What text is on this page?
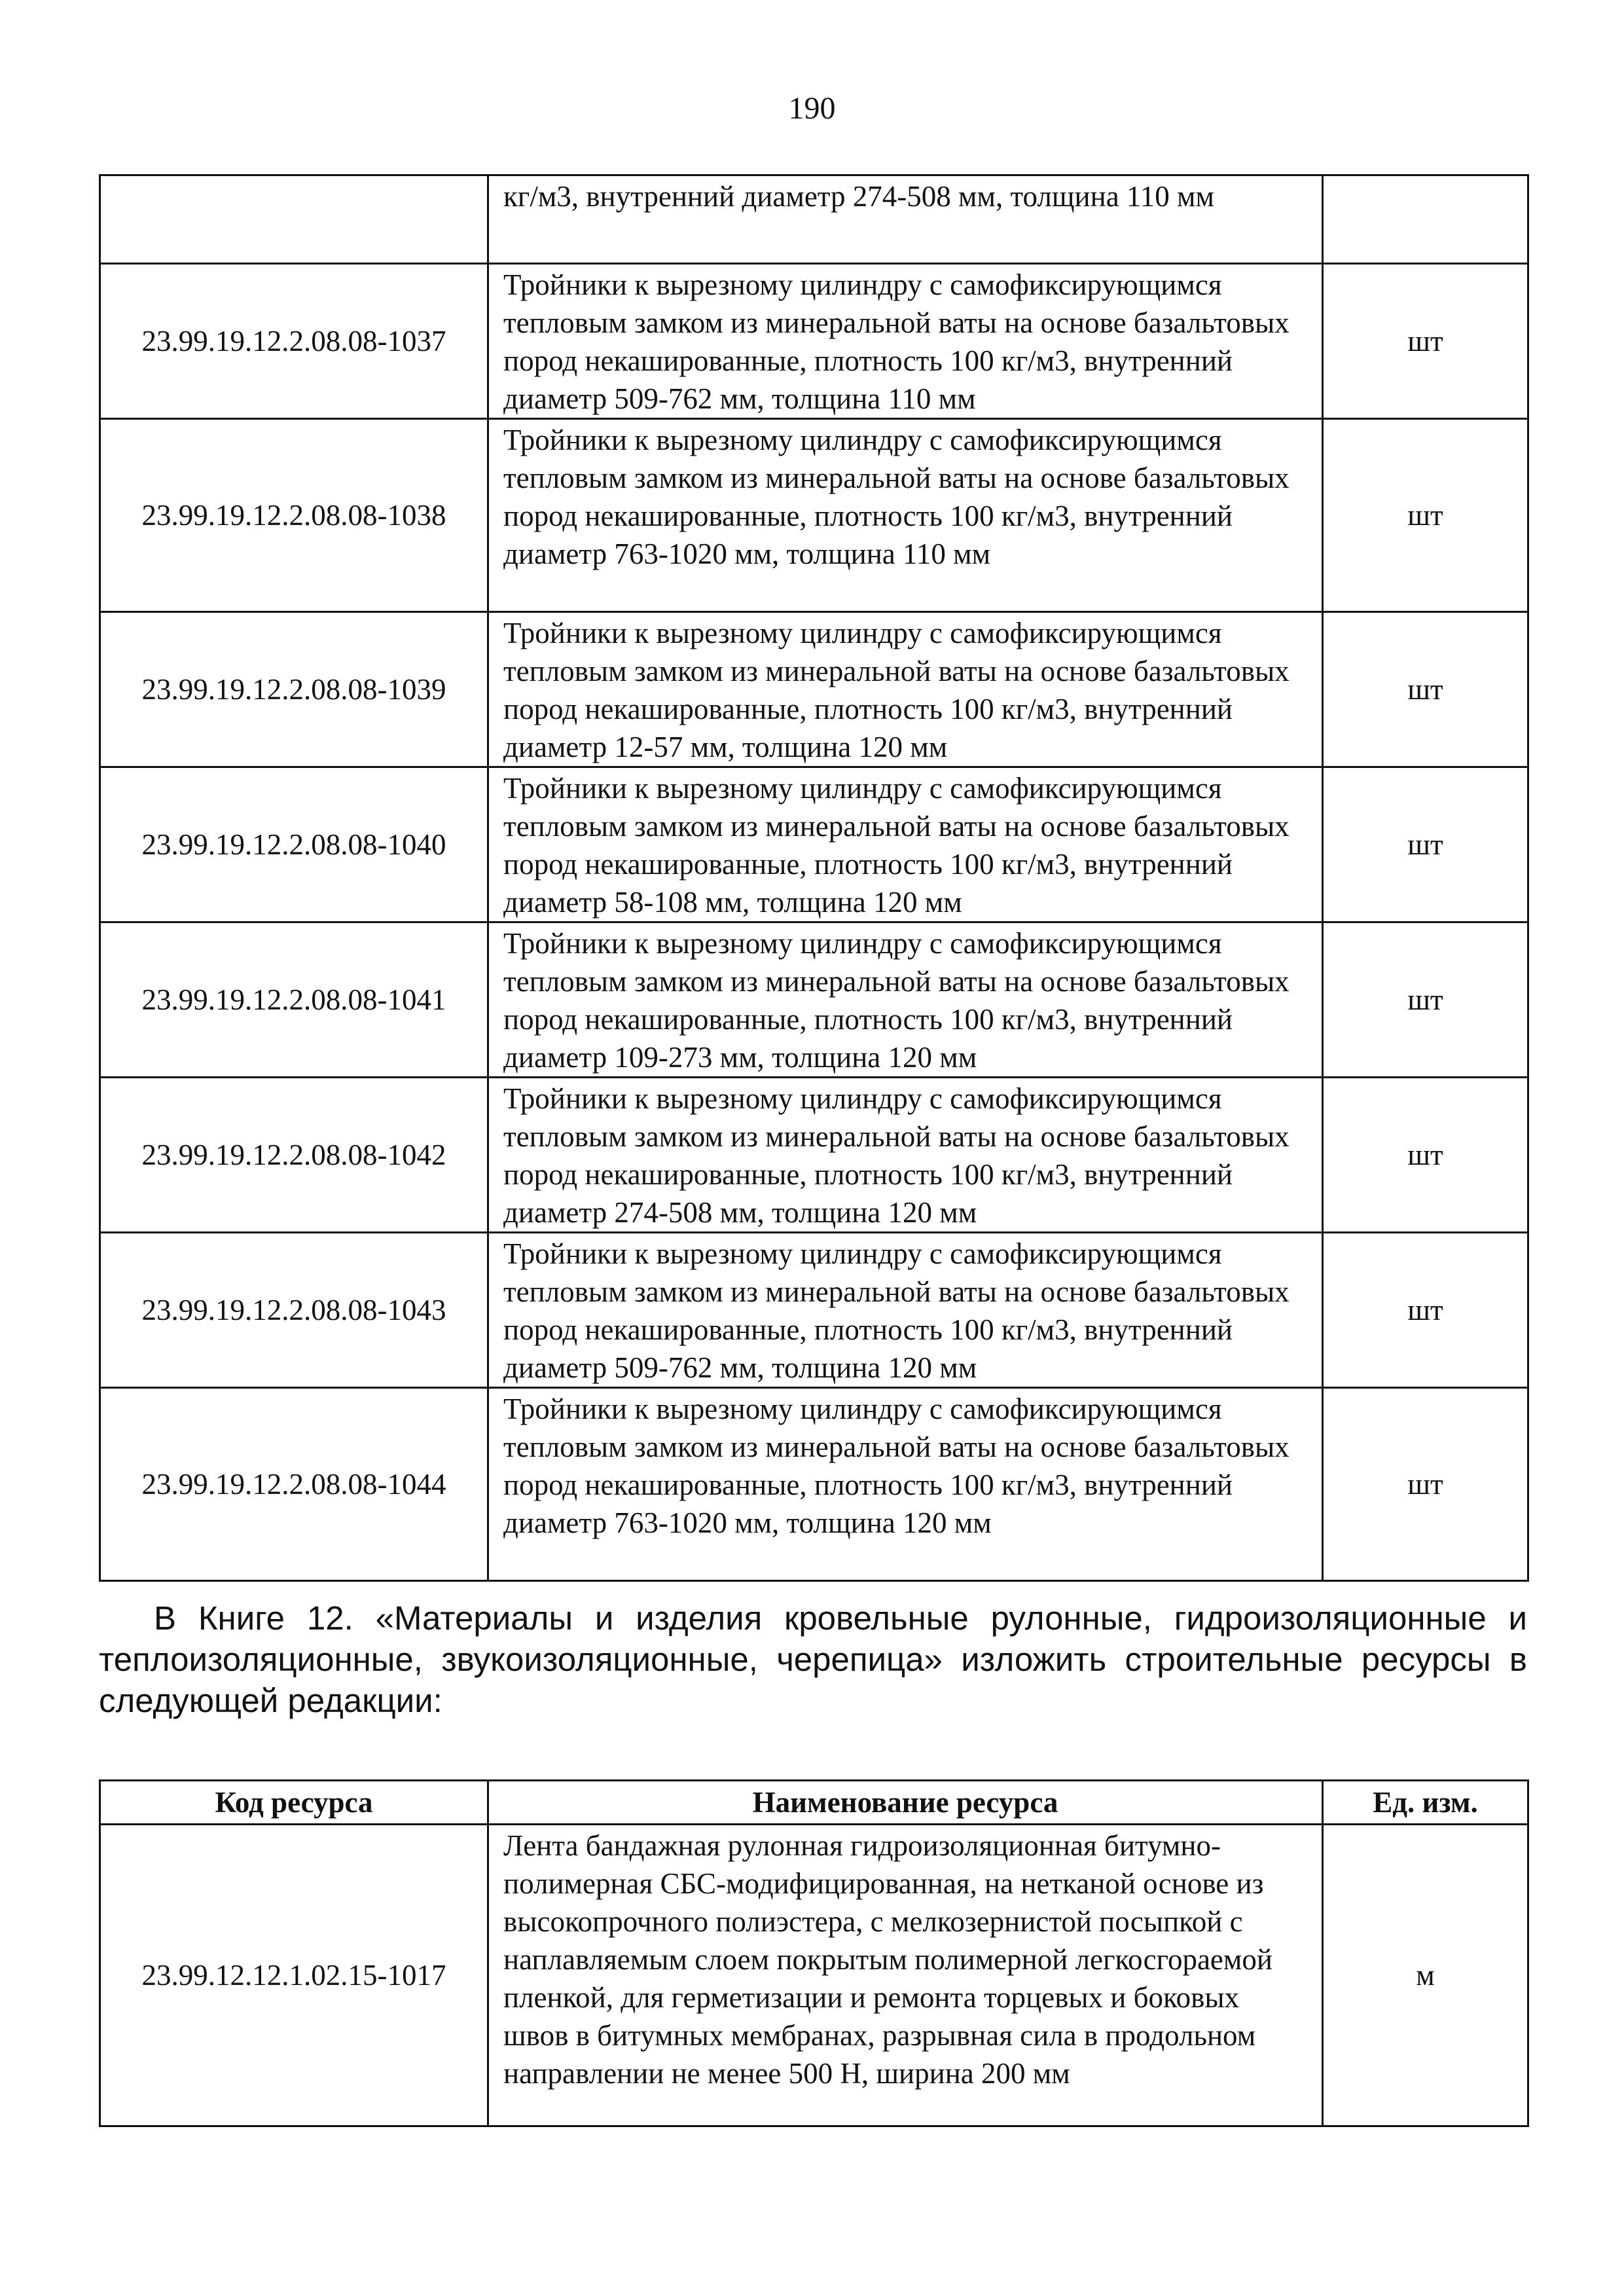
190
	кг/м3, внутренний диаметр 274-508 мм, толщина 110 мм	
23.99.19.12.2.08.08-1037	Тройники к вырезному цилиндру с самофиксирующимся тепловым замком из минеральной ваты на основе базальтовых пород некашированные, плотность 100 кг/м3, внутренний диаметр 509-762 мм, толщина 110 мм	шт
23.99.19.12.2.08.08-1038	Тройники к вырезному цилиндру с самофиксирующимся тепловым замком из минеральной ваты на основе базальтовых пород некашированные, плотность 100 кг/м3, внутренний диаметр 763-1020 мм, толщина 110 мм	шт
23.99.19.12.2.08.08-1039	Тройники к вырезному цилиндру с самофиксирующимся тепловым замком из минеральной ваты на основе базальтовых пород некашированные, плотность 100 кг/м3, внутренний диаметр 12-57 мм, толщина 120 мм	шт
23.99.19.12.2.08.08-1040	Тройники к вырезному цилиндру с самофиксирующимся тепловым замком из минеральной ваты на основе базальтовых пород некашированные, плотность 100 кг/м3, внутренний диаметр 58-108 мм, толщина 120 мм	шт
23.99.19.12.2.08.08-1041	Тройники к вырезному цилиндру с самофиксирующимся тепловым замком из минеральной ваты на основе базальтовых пород некашированные, плотность 100 кг/м3, внутренний диаметр 109-273 мм, толщина 120 мм	шт
23.99.19.12.2.08.08-1042	Тройники к вырезному цилиндру с самофиксирующимся тепловым замком из минеральной ваты на основе базальтовых пород некашированные, плотность 100 кг/м3, внутренний диаметр 274-508 мм, толщина 120 мм	шт
23.99.19.12.2.08.08-1043	Тройники к вырезному цилиндру с самофиксирующимся тепловым замком из минеральной ваты на основе базальтовых пород некашированные, плотность 100 кг/м3, внутренний диаметр 509-762 мм, толщина 120 мм	шт
23.99.19.12.2.08.08-1044	Тройники к вырезному цилиндру с самофиксирующимся тепловым замком из минеральной ваты на основе базальтовых пород некашированные, плотность 100 кг/м3, внутренний диаметр 763-1020 мм, толщина 120 мм	шт

В Книге 12. «Материалы и изделия кровельные рулонные, гидроизоляционные и теплоизоляционные, звукоизоляционные, черепица» изложить строительные ресурсы в следующей редакции:

Код ресурса	Наименование ресурса	Ед. изм.
23.99.12.12.1.02.15-1017	Лента бандажная рулонная гидроизоляционная битумно-полимерная СБС-модифицированная, на нетканой основе из высокопрочного полиэстера, с мелкозернистой посыпкой с наплавляемым слоем покрытым полимерной легкосгораемой пленкой, для герметизации и ремонта торцевых и боковых швов в битумных мембранах, разрывная сила в продольном направлении не менее 500 Н, ширина 200 мм	м
